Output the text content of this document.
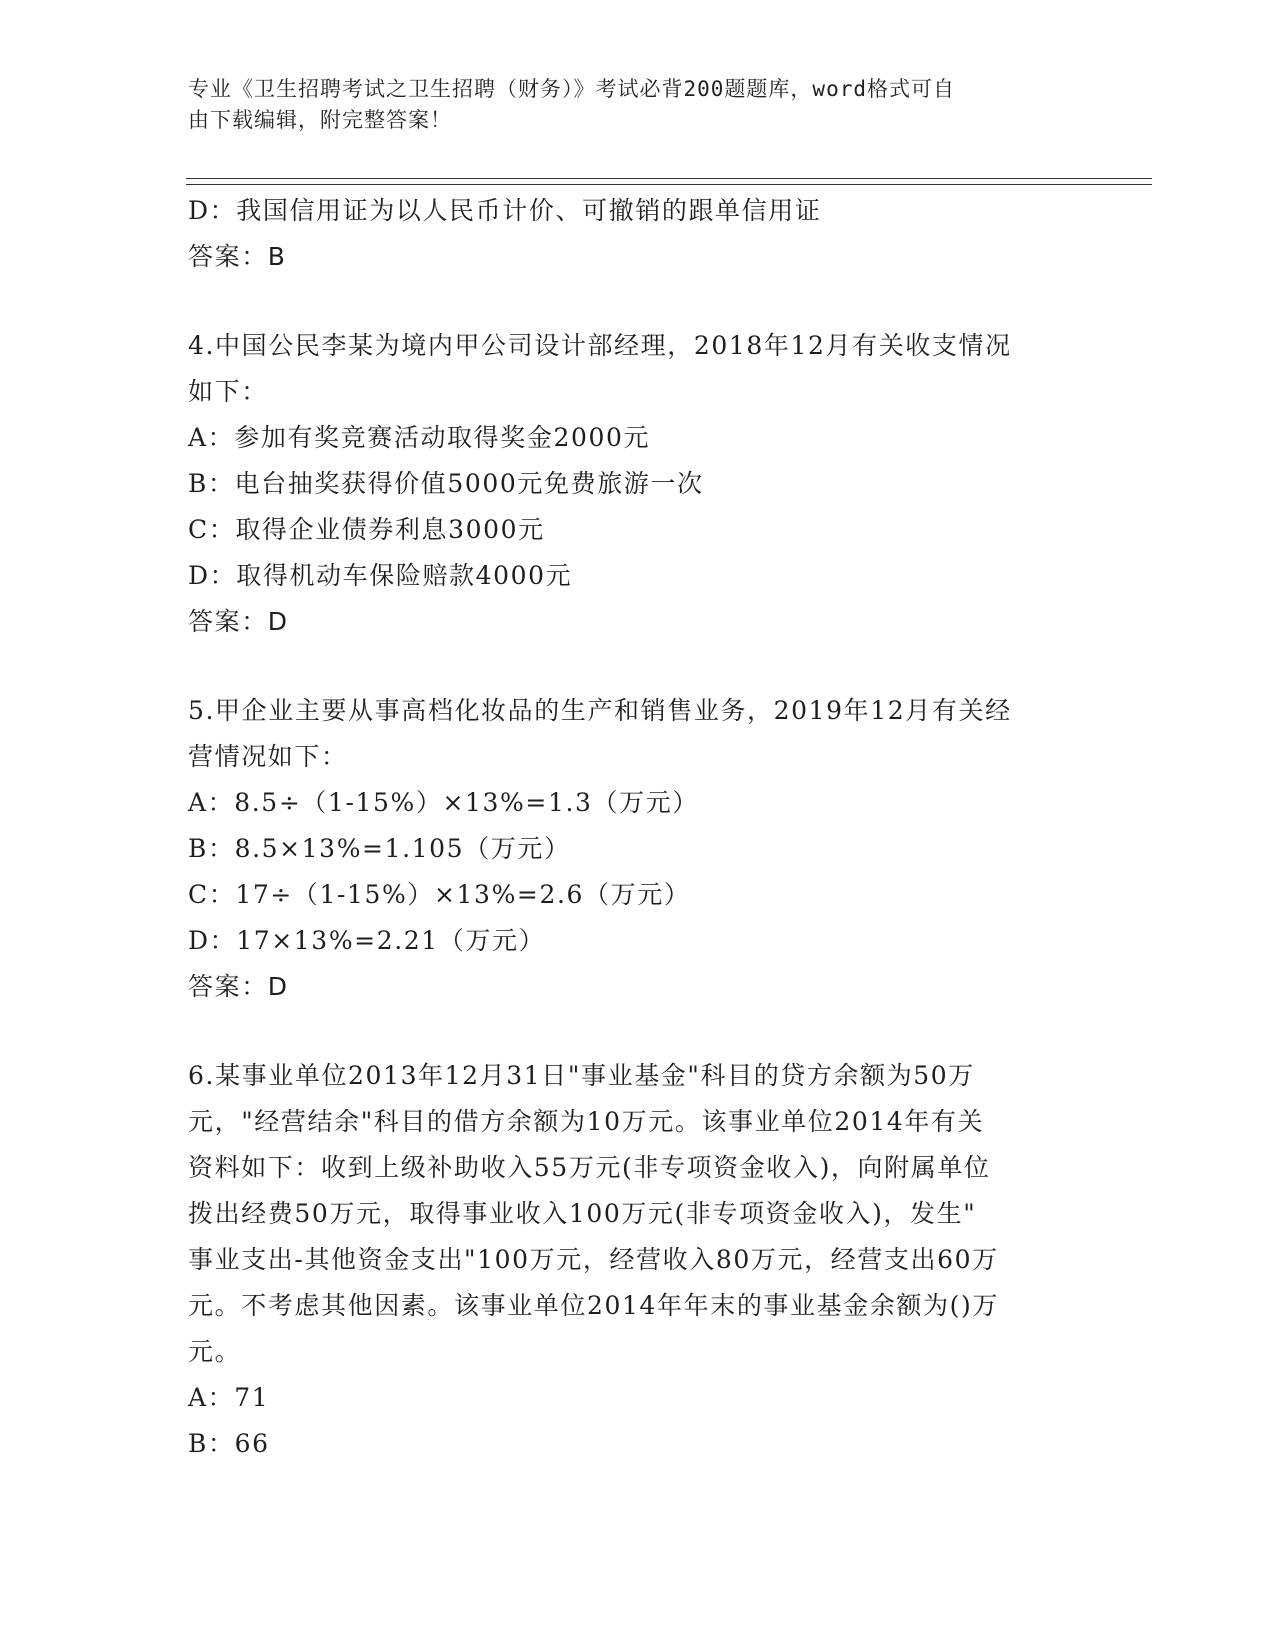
专业《卫生招聘考试之卫生招聘（财务）》考试必背200题题库，word格式可自
由下载编辑，附完整答案！
D：我国信用证为以人民币计价、可撤销的跟单信用证
答案：B
4.中国公民李某为境内甲公司设计部经理，2018年12月有关收支情况
如下：
A：参加有奖竞赛活动取得奖金2000元
B：电台抽奖获得价值5000元免费旅游一次
C：取得企业债券利息3000元
D：取得机动车保险赔款4000元
答案：D
5.甲企业主要从事高档化妆品的生产和销售业务，2019年12月有关经
营情况如下：
A：8.5÷（1-15%）×13%=1.3（万元）
B：8.5×13%=1.105（万元）
C：17÷（1-15%）×13%=2.6（万元）
D：17×13%=2.21（万元）
答案：D
6.某事业单位2013年12月31日"事业基金"科目的贷方余额为50万
元，"经营结余"科目的借方余额为10万元。该事业单位2014年有关
资料如下：收到上级补助收入55万元(非专项资金收入)，向附属单位
拨出经费50万元，取得事业收入100万元(非专项资金收入)，发生"
事业支出-其他资金支出"100万元，经营收入80万元，经营支出60万
元。不考虑其他因素。该事业单位2014年年末的事业基金余额为()万
元。
A：71
B：66
